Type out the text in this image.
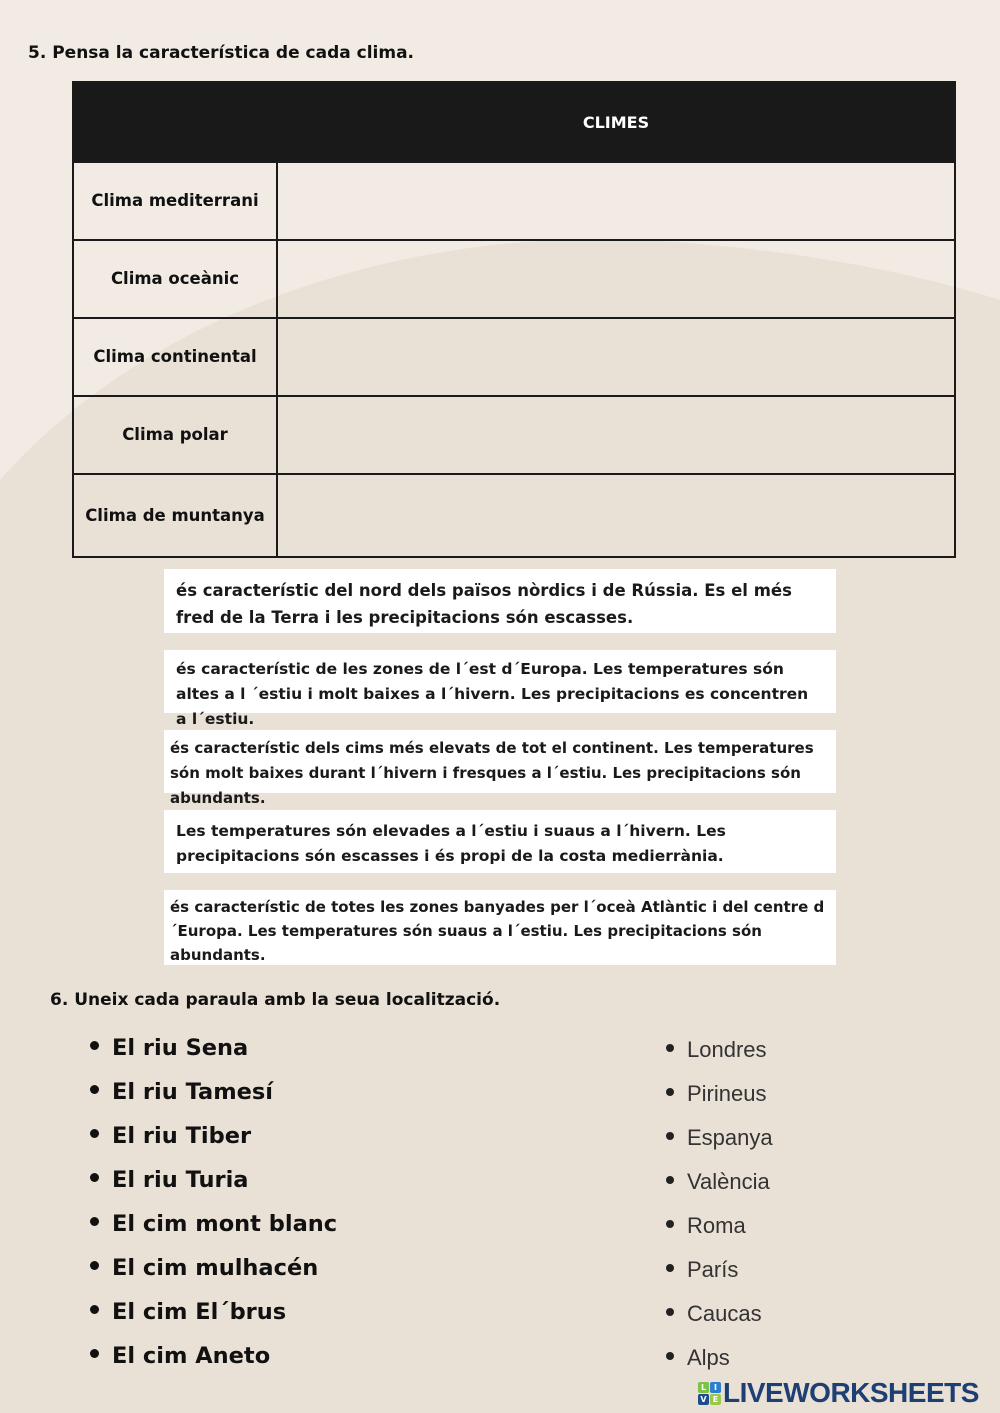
5. Pensa la característica de cada clima.
	CLIMES
Clima mediterrani	
Clima oceànic	
Clima continental	
Clima polar	
Clima de muntanya	

és característic del nord dels països nòrdics i de Rússia. Es el més fred de la Terra i les precipitacions són escasses.

és característic de les zones de l´est d´Europa. Les temperatures són altes a l ´estiu i molt baixes a l´hivern. Les precipitacions es concentren a l´estiu.

és característic dels cims més elevats de tot el continent. Les temperatures són molt baixes durant l´hivern i fresques a l´estiu. Les precipitacions són abundants.

Les temperatures són elevades a l´estiu i suaus a l´hivern. Les precipitacions són escasses i és propi de la costa medierrània.

és característic de totes les zones banyades per l´oceà Atlàntic i del centre d ´Europa. Les temperatures són suaus a l´estiu. Les precipitacions són abundants.

6. Uneix cada paraula amb la seua localització.
El riu Sena
El riu Tamesí
El riu Tiber
El riu Turia
El cim mont blanc
El cim mulhacén
El cim El´brus
El cim Aneto
Londres
Pirineus
Espanya
València
Roma
París
Caucas
Alps
L I
V E LIVEWORKSHEETS
